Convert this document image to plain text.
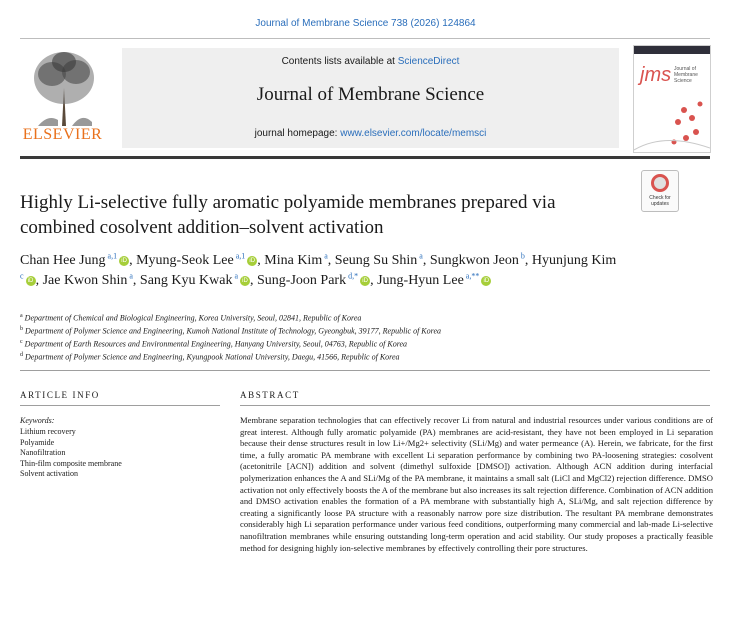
Journal of Membrane Science 738 (2026) 124864
ELSEVIER
Contents lists available at ScienceDirect
Journal of Membrane Science
journal homepage: www.elsevier.com/locate/memsci
jms Journal of Membrane Science
Highly Li-selective fully aromatic polyamide membranes prepared via combined cosolvent addition–solvent activation
Check for updates
Chan Hee Jung $^{a,1}$iD , Myung-Seok Lee $^{a,1}$iD , Mina Kim $^a$, Seung Su Shin $^a$, Sungkwon Jeon $^b$, Hyunjung Kim $^c$iD , Jae Kwon Shin $^a$, Sang Kyu Kwak $^a$iD , Sung-Joon Park $^{d,*}$iD , Jung-Hyun Lee $^{a,**}$iD
$^a$ Department of Chemical and Biological Engineering, Korea University, Seoul, 02841, Republic of Korea
$^b$ Department of Polymer Science and Engineering, Kumoh National Institute of Technology, Gyeongbuk, 39177, Republic of Korea
$^c$ Department of Earth Resources and Environmental Engineering, Hanyang University, Seoul, 04763, Republic of Korea
$^d$ Department of Polymer Science and Engineering, Kyungpook National University, Daegu, 41566, Republic of Korea
ARTICLE INFO
Keywords:
Lithium recovery
Polyamide
Nanofiltration
Thin-film composite membrane
Solvent activation
ABSTRACT

Membrane separation technologies that can effectively recover Li from natural and industrial resources under various conditions are of great interest. Although fully aromatic polyamide (PA) membranes are acid-resistant, they have not been employed in Li separation because their dense structures result in low Li+/Mg2+ selectivity (SLi/Mg) and water permeance (A). Herein, we fabricate, for the first time, a fully aromatic PA membrane with excellent Li separation performance by combining two PA-loosening strategies: cosolvent (acetonitrile [ACN]) addition and solvent (dimethyl sulfoxide [DMSO]) activation. Although ACN addition during interfacial polymerization enhances the A and SLi/Mg of the PA membrane, it maintains a small salt (LiCl and MgCl2) rejection difference. DMSO activation not only effectively boosts the A of the membrane but also increases its salt rejection difference. Combination of ACN addition and DMSO activation enables the formation of a PA membrane with substantially high A, SLi/Mg, and salt rejection difference by creating a significantly loose PA structure with a reasonably narrow pore size distribution. The resultant PA membrane demonstrates considerably high Li separation performance under various feed conditions, outperforming many commercial and lab-made Li-selective nanofiltration membranes while ensuring outstanding long-term operation and acid stability. Our study proposes a practically feasible method for designing highly ion-selective membranes by effectively controlling their pore structures.
